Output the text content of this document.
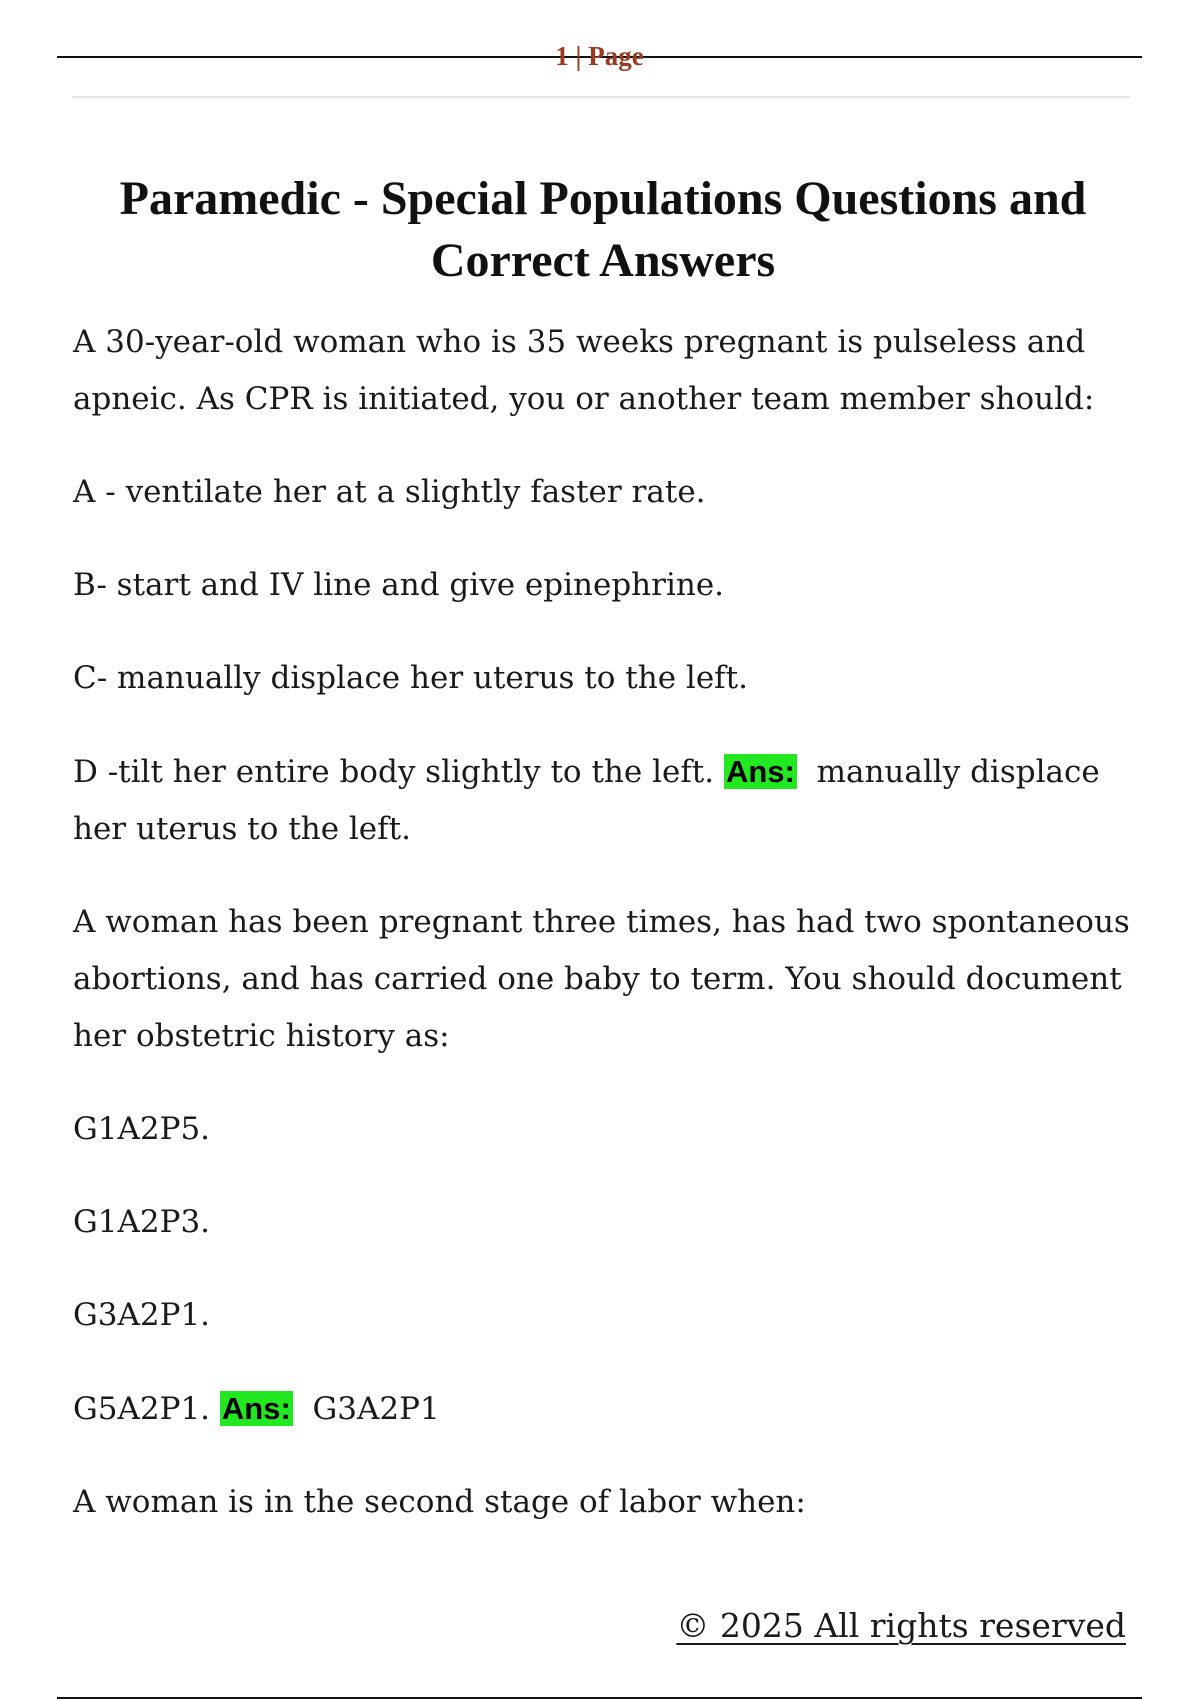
1 | Page
Paramedic - Special Populations Questions and Correct Answers

A 30-year-old woman who is 35 weeks pregnant is pulseless and apneic. As CPR is initiated, you or another team member should:

A - ventilate her at a slightly faster rate.

B- start and IV line and give epinephrine.

C- manually displace her uterus to the left.

D -tilt her entire body slightly to the left. Ans: manually displace her uterus to the left.

A woman has been pregnant three times, has had two spontaneous abortions, and has carried one baby to term. You should document her obstetric history as:

G1A2P5.

G1A2P3.

G3A2P1.

G5A2P1. Ans: G3A2P1

A woman is in the second stage of labor when:

© 2025 All rights reserved
